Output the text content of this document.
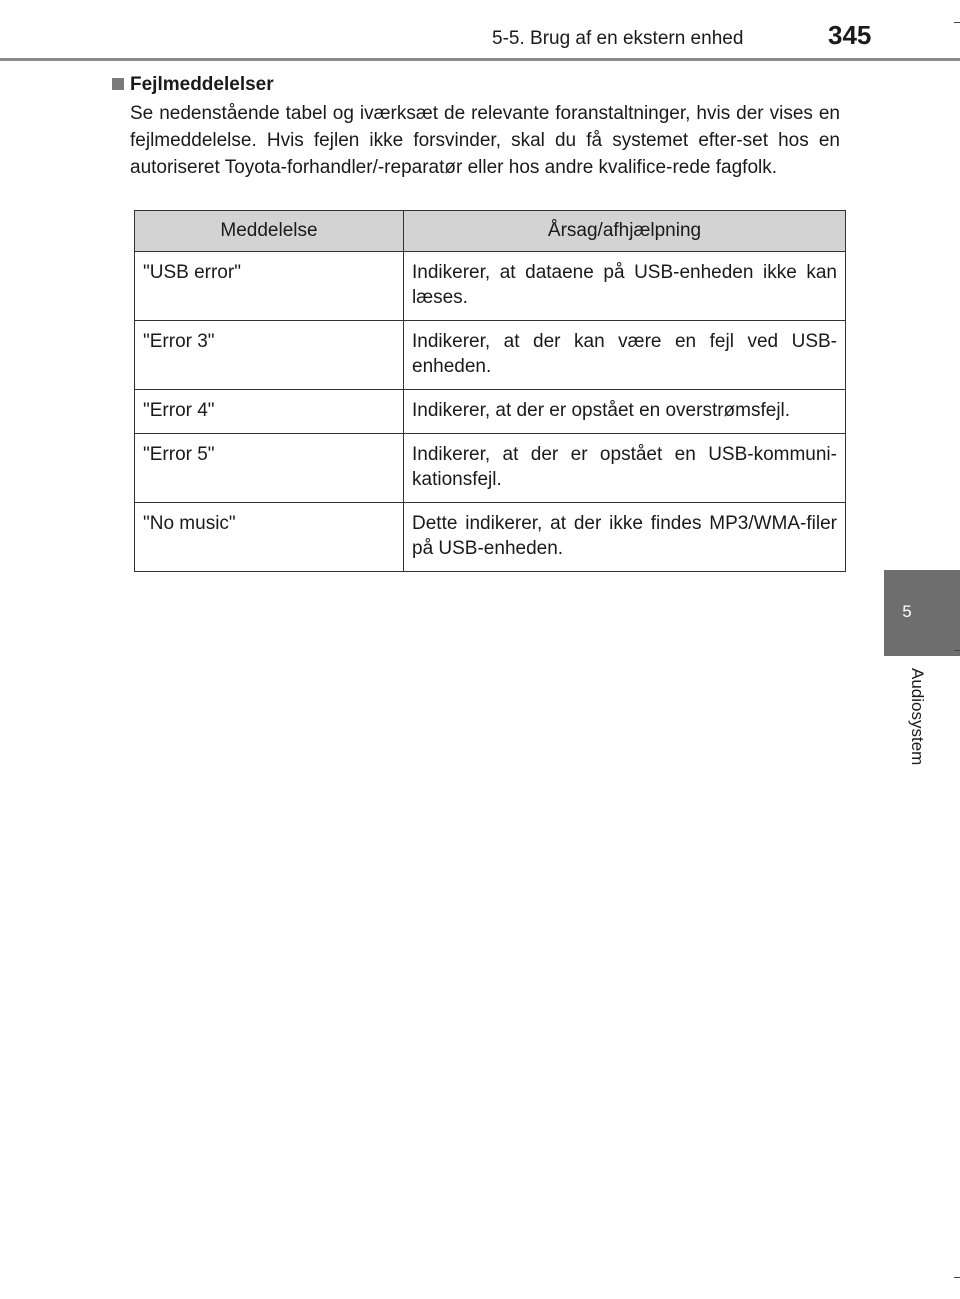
5-5. Brug af en ekstern enhed	345
5
Audiosystem
Fejlmeddelelser
Se nedenstående tabel og iværksæt de relevante foranstaltninger, hvis der vises en fejlmeddelelse. Hvis fejlen ikke forsvinder, skal du få systemet efter-set hos en autoriseret Toyota-forhandler/-reparatør eller hos andre kvalifice-rede fagfolk.
Meddelelse	Årsag/afhjælpning
"USB error"	Indikerer, at dataene på USB-enheden ikke kan læses.
"Error 3"	Indikerer, at der kan være en fejl ved USB-enheden.
"Error 4"	Indikerer, at der er opstået en overstrømsfejl.
"Error 5"	Indikerer, at der er opstået en USB-kommuni-kationsfejl.
"No music"	Dette indikerer, at der ikke findes MP3/WMA-filer på USB-enheden.
